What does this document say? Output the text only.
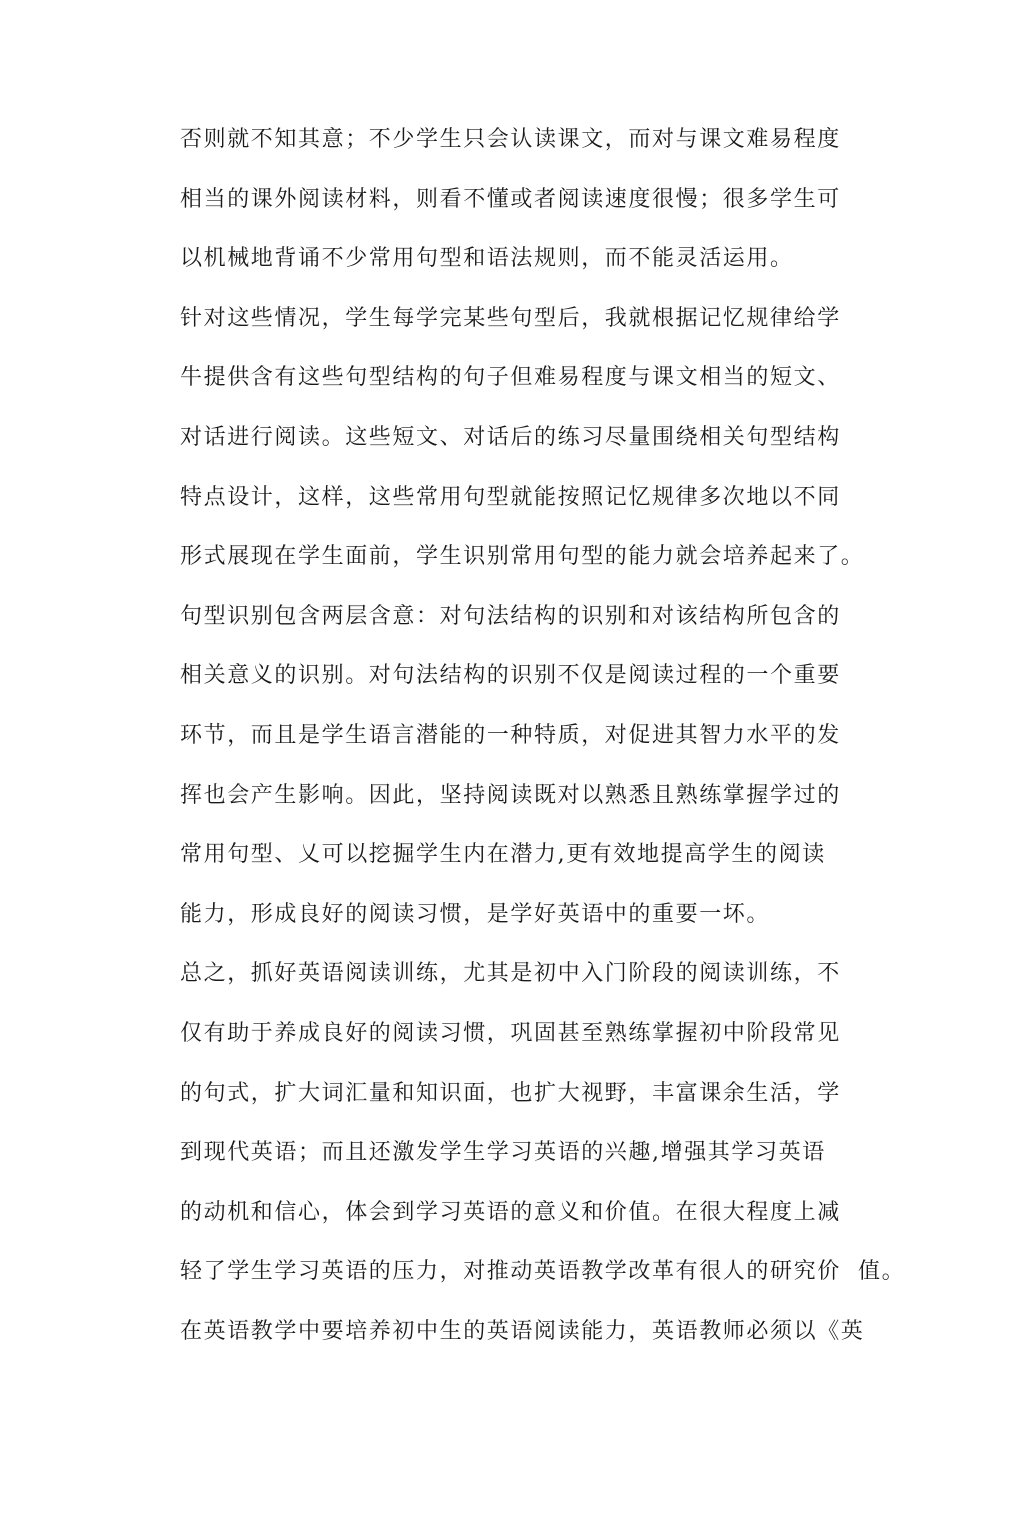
否则就不知其意；不少学生只会认读课文，而对与课文难易程度
相当的课外阅读材料，则看不懂或者阅读速度很慢；很多学生可
以机械地背诵不少常用句型和语法规则，而不能灵活运用。
针对这些情况，学生每学完某些句型后，我就根据记忆规律给学
牛提供含有这些句型结构的句子但难易程度与课文相当的短文、
对话进行阅读。这些短文、对话后的练习尽量围绕相关句型结构
特点设计，这样，这些常用句型就能按照记忆规律多次地以不同
形式展现在学生面前，学生识别常用句型的能力就会培养起来了。
句型识别包含两层含意：对句法结构的识别和对该结构所包含的
相关意义的识别。对句法结构的识别不仅是阅读过程的一个重要
环节，而且是学生语言潜能的一种特质，对促进其智力水平的发
挥也会产生影响。因此，坚持阅读既对以熟悉且熟练掌握学过的
常用句型、乂可以挖掘学生内在潜力,更有效地提高学生的阅读
能力，形成良好的阅读习惯，是学好英语中的重要一坏。
总之，抓好英语阅读训练，尤其是初中入门阶段的阅读训练，不
仅有助于养成良好的阅读习惯，巩固甚至熟练掌握初中阶段常见
的句式，扩大词汇量和知识面，也扩大视野，丰富课余生活，学
到现代英语；而且还激发学生学习英语的兴趣,增强其学习英语
的动机和信心，体会到学习英语的意义和价值。在很大程度上减
轻了学生学习英语的压力，对推动英语教学改革有很人的研究价  值。
在英语教学中要培养初中生的英语阅读能力，英语教师必须以《英
